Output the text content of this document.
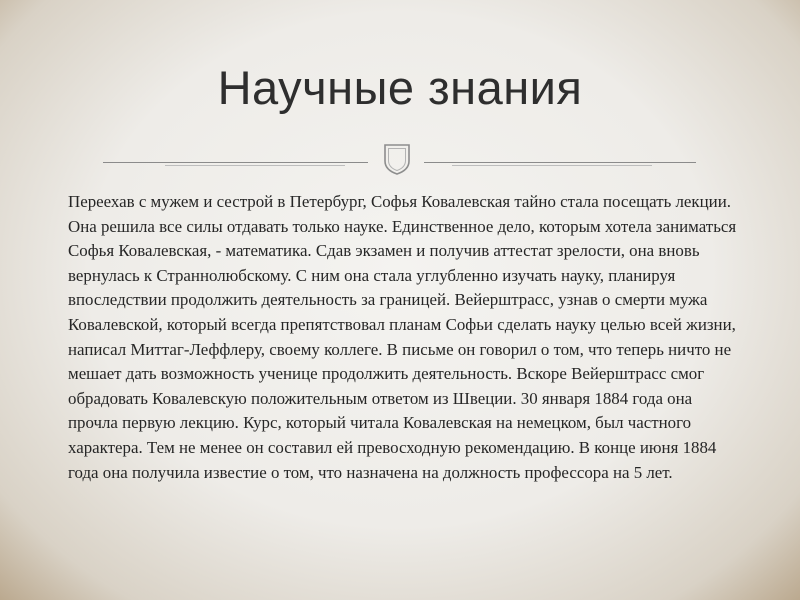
Научные знания

Переехав с мужем и сестрой в Петербург, Софья Ковалевская тайно стала посещать лекции. Она решила все силы отдавать только науке. Единственное дело, которым хотела заниматься Софья Ковалевская, - математика. Сдав экзамен и получив аттестат зрелости, она вновь вернулась к Страннолюбскому. С ним она стала углубленно изучать науку, планируя впоследствии продолжить деятельность за границей. Вейерштрасс, узнав о смерти мужа Ковалевской, который всегда препятствовал планам Софьи сделать науку целью всей жизни, написал Миттаг-Леффлеру, своему коллеге. В письме он говорил о том, что теперь ничто не мешает дать возможность ученице продолжить деятельность. Вскоре Вейерштрасс смог обрадовать Ковалевскую положительным ответом из Швеции. 30 января 1884 года она прочла первую лекцию. Курс, который читала Ковалевская на немецком, был частного характера. Тем не менее он составил ей превосходную рекомендацию. В конце июня 1884 года она получила известие о том, что назначена на должность профессора на 5 лет.
